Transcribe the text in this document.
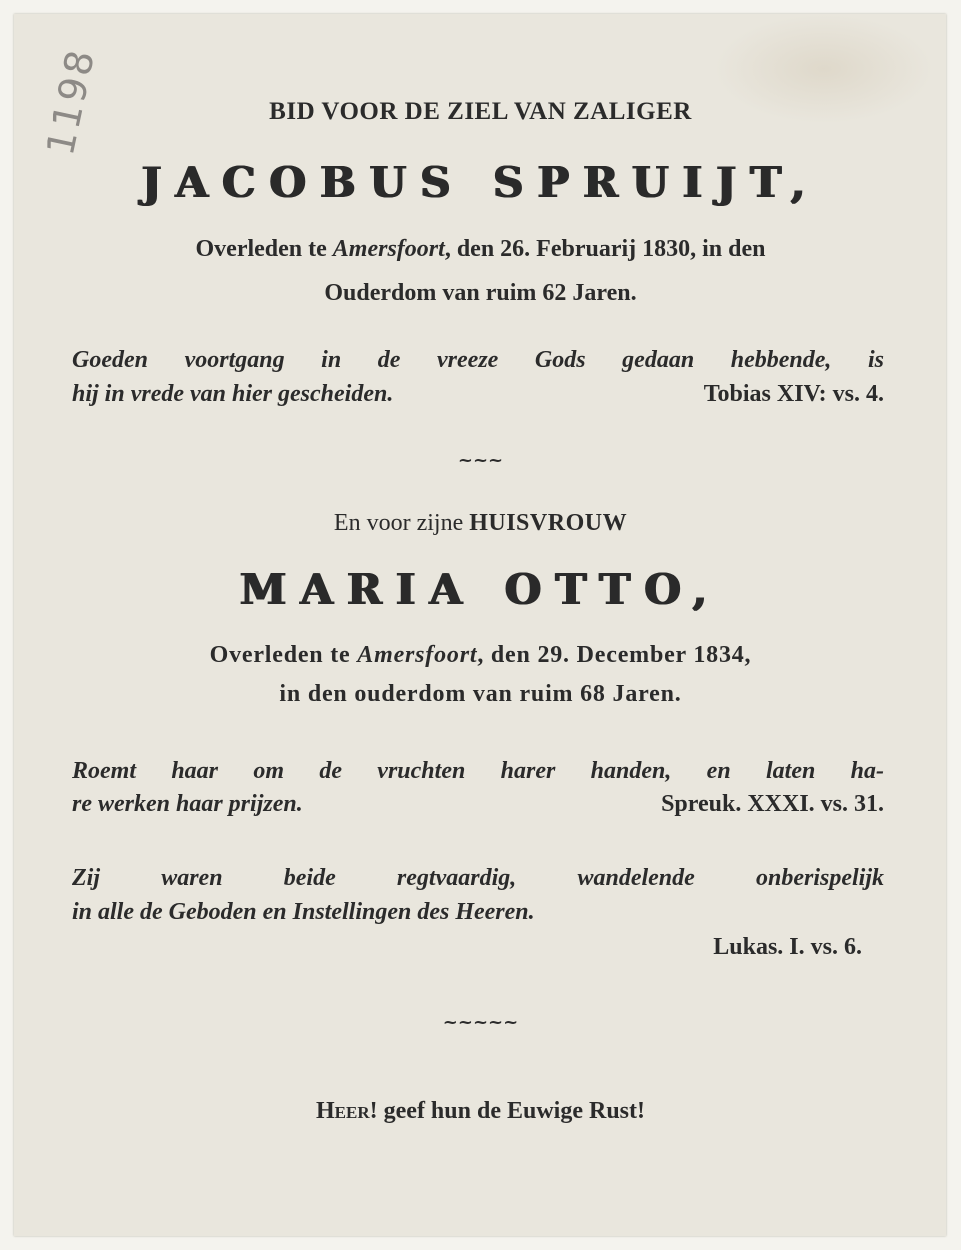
1198	BID VOOR DE ZIEL VAN ZALIGER
JACOBUS SPRUIJT,
Overleden te Amersfoort, den 26. Februarij 1830, in den
Ouderdom van ruim 62 Jaren.
Goeden voortgang in de vreeze Gods gedaan hebbende, is
hij in vrede van hier gescheiden.	Tobias XIV: vs. 4.
~~~
En voor zijne HUISVROUW
MARIA OTTO,
Overleden te Amersfoort, den 29. December 1834,
in den ouderdom van ruim 68 Jaren.
Roemt haar om de vruchten harer handen, en laten ha-
re werken haar prijzen.	Spreuk. XXXI. vs. 31.
Zij waren beide regtvaardig, wandelende onberispelijk
in alle de Geboden en Instellingen des Heeren.
Lukas. I. vs. 6.
~~~~~
Heer! geef hun de Euwige Rust!
